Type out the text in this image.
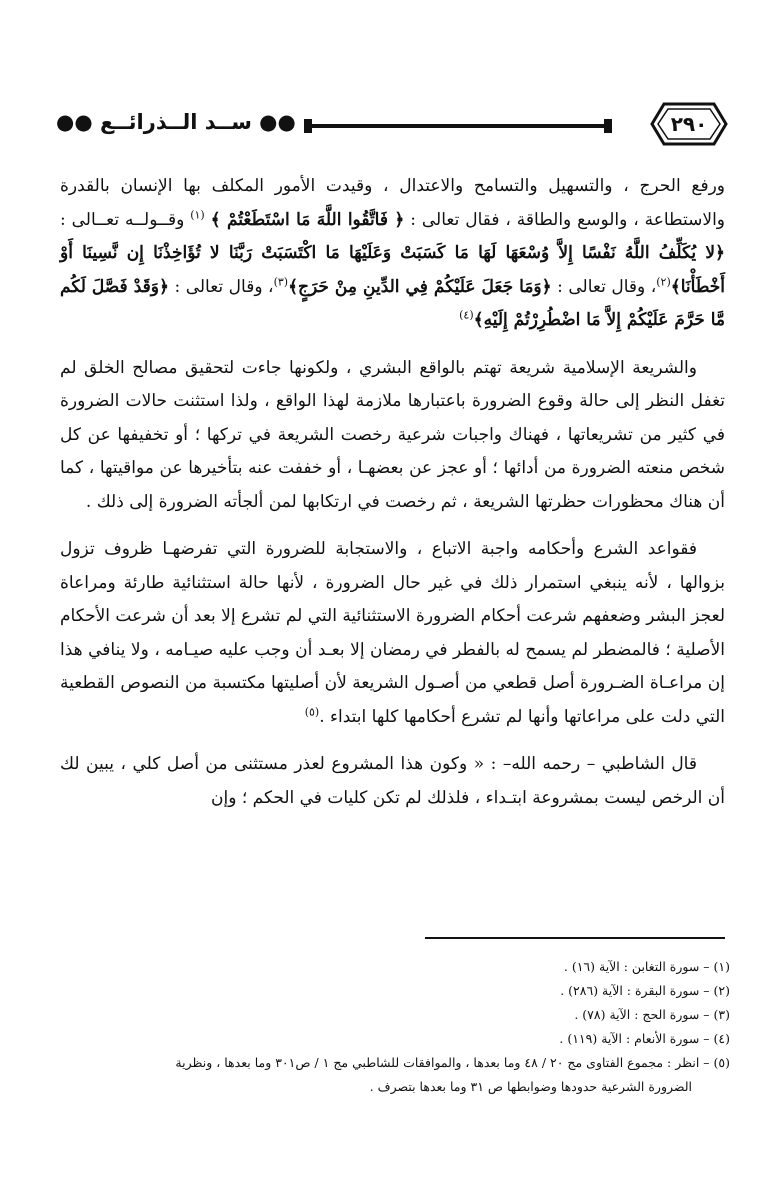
٢٩٠
●● ســد الــذرائــع ●●

ورفع الحرج ، والتسهيل والتسامح والاعتدال ، وقيدت الأمور المكلف بها الإنسان بالقدرة والاستطاعة ، والوسع والطاقة ، فقال تعالى : ﴿ فَاتَّقُوا اللَّهَ مَا اسْتَطَعْتُمْ ﴾ $^{(١)}$ وقــولــه تعــالى : ﴿لا يُكَلِّفُ اللَّهُ نَفْسًا إِلاَّ وُسْعَهَا لَهَا مَا كَسَبَتْ وَعَلَيْهَا مَا اكْتَسَبَتْ رَبَّنَا لا تُؤَاخِذْنَا إِن نَّسِينَا أَوْ أَخْطَأْنَا﴾$^{(٢)}$، وقال تعالى : ﴿وَمَا جَعَلَ عَلَيْكُمْ فِي الدِّينِ مِنْ حَرَجٍ﴾$^{(٣)}$، وقال تعالى : ﴿وَقَدْ فَصَّلَ لَكُم مَّا حَرَّمَ عَلَيْكُمْ إِلاَّ مَا اضْطُرِرْتُمْ إِلَيْهِ﴾$^{(٤)}$

والشريعة الإسلامية شريعة تهتم بالواقع البشري ، ولكونها جاءت لتحقيق مصالح الخلق لم تغفل النظر إلى حالة وقوع الضرورة باعتبارها ملازمة لهذا الواقع ، ولذا استثنت حالات الضرورة في كثير من تشريعاتها ، فهناك واجبات شرعية رخصت الشريعة في تركها ؛ أو تخفيفها عن كل شخص منعته الضرورة من أدائها ؛ أو عجز عن بعضهـا ، أو خففت عنه بتأخيرها عن مواقيتها ، كما أن هناك محظورات حظرتها الشريعة ، ثم رخصت في ارتكابها لمن ألجأته الضرورة إلى ذلك .

فقواعد الشرع وأحكامه واجبة الاتباع ، والاستجابة للضرورة التي تفرضهـا ظروف تزول بزوالها ، لأنه ينبغي استمرار ذلك في غير حال الضرورة ، لأنها حالة استثنائية طارئة ومراعاة لعجز البشر وضعفهم شرعت أحكام الضرورة الاستثنائية التي لم تشرع إلا بعد أن شرعت الأحكام الأصلية ؛ فالمضطر لم يسمح له بالفطر في رمضان إلا بعـد أن وجب عليه صيـامه ، ولا ينافي هذا إن مراعـاة الضـرورة أصل قطعي من أصـول الشريعة لأن أصليتها مكتسبة من النصوص القطعية التي دلت على مراعاتها وأنها لم تشرع أحكامها كلها ابتداء .$^{(٥)}$

قال الشاطبي – رحمه الله– : « وكون هذا المشروع لعذر مستثنى من أصل كلي ، يبين لك أن الرخص ليست بمشروعة ابتـداء ، فلذلك لم تكن كليات في الحكم ؛ وإن

(١) – سورة التغابن : الآية (١٦) .

(٢) – سورة البقرة : الآية (٢٨٦) .

(٣) – سورة الحج : الآية (٧٨) .

(٤) – سورة الأنعام : الآية (١١٩) .

(٥) – انظر : مجموع الفتاوى مج ٢٠ / ٤٨ وما بعدها ، والموافقات للشاطبي مج ١ / ص٣٠١ وما بعدها ، ونظرية

الضرورة الشرعية حدودها وضوابطها ص ٣١ وما بعدها بتصرف .
